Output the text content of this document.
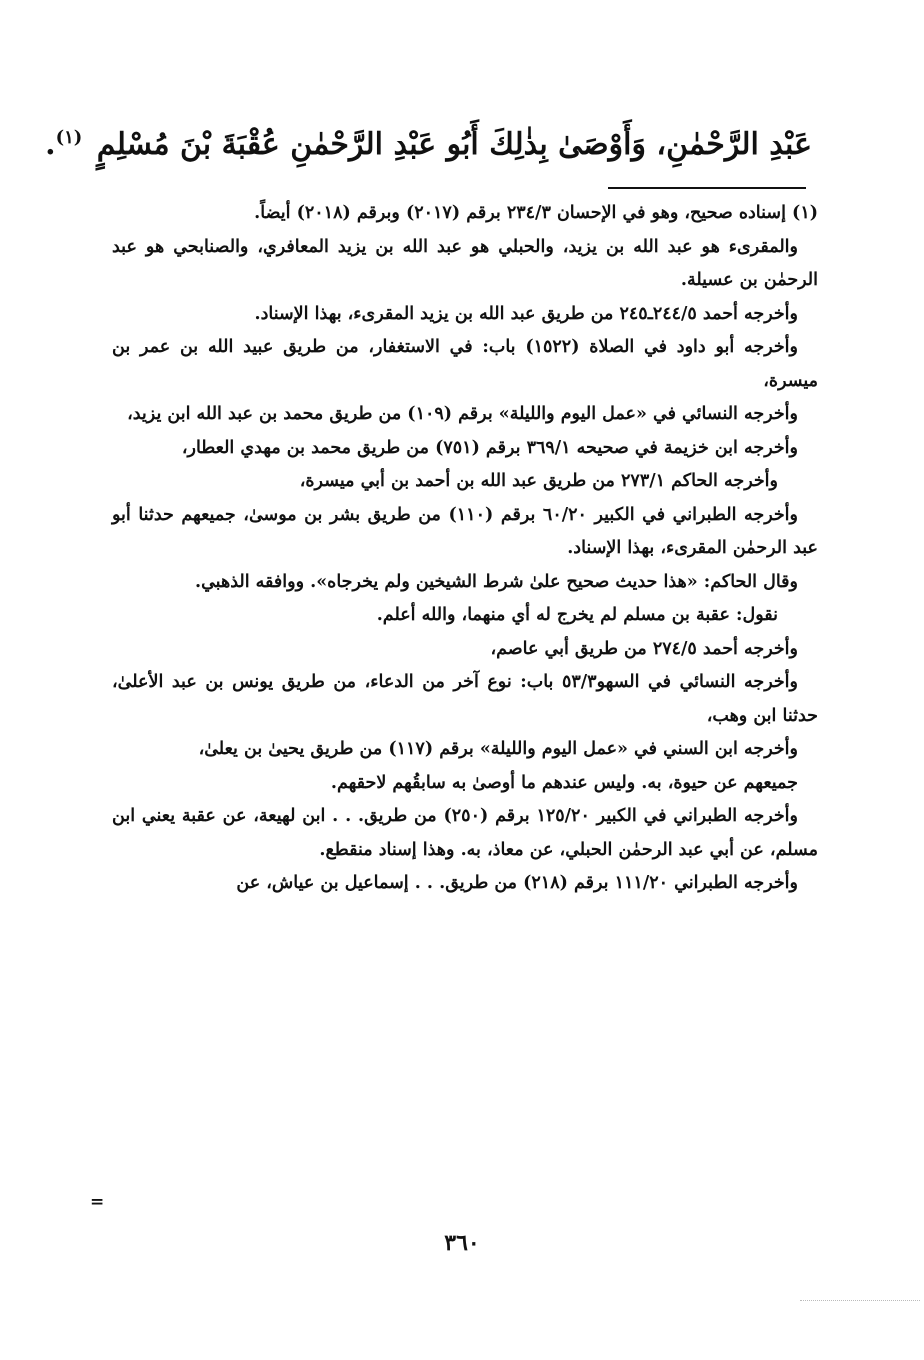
عَبْدِ الرَّحْمٰنِ، وَأَوْصَىٰ بِذٰلِكَ أَبُو عَبْدِ الرَّحْمٰنِ عُقْبَةَ بْنَ مُسْلِمٍ $^{(١)}$.

(١) إسناده صحيح، وهو في الإحسان ٢٣٤/٣ برقم (٢٠١٧) وبرقم (٢٠١٨) أيضاً.

والمقرىء هو عبد الله بن يزيد، والحبلي هو عبد الله بن يزيد المعافري، والصنابحي هو عبد الرحمٰن بن عسيلة.

وأخرجه أحمد ٢٤٤/٥ـ٢٤٥ من طريق عبد الله بن يزيد المقرىء، بهذا الإسناد.

وأخرجه أبو داود في الصلاة (١٥٢٢) باب: في الاستغفار، من طريق عبيد الله بن عمر بن ميسرة،

وأخرجه النسائي في «عمل اليوم والليلة» برقم (١٠٩) من طريق محمد بن عبد الله ابن يزيد،

وأخرجه ابن خزيمة في صحيحه ٣٦٩/١ برقم (٧٥١) من طريق محمد بن مهدي العطار،

وأخرجه الحاكم ٢٧٣/١ من طريق عبد الله بن أحمد بن أبي ميسرة،

وأخرجه الطبراني في الكبير ٦٠/٢٠ برقم (١١٠) من طريق بشر بن موسىٰ، جميعهم حدثنا أبو عبد الرحمٰن المقرىء، بهذا الإسناد.

وقال الحاكم: «هذا حديث صحيح علىٰ شرط الشيخين ولم يخرجاه». ووافقه الذهبي.

نقول: عقبة بن مسلم لم يخرج له أي منهما، والله أعلم.

وأخرجه أحمد ٢٧٤/٥ من طريق أبي عاصم،

وأخرجه النسائي في السهو٥٣/٣ باب: نوع آخر من الدعاء، من طريق يونس بن عبد الأعلىٰ، حدثنا ابن وهب،

وأخرجه ابن السني في «عمل اليوم والليلة» برقم (١١٧) من طريق يحيىٰ بن يعلىٰ،

جميعهم عن حيوة، به. وليس عندهم ما أوصىٰ به سابقُهم لاحقهم.

وأخرجه الطبراني في الكبير ١٢٥/٢٠ برقم (٢٥٠) من طريق. . . ابن لهيعة، عن عقبة يعني ابن مسلم، عن أبي عبد الرحمٰن الحبلي، عن معاذ، به. وهذا إسناد منقطع.

وأخرجه الطبراني ١١١/٢٠ برقم (٢١٨) من طريق. . . إسماعيل بن عياش، عن

=
٣٦٠
